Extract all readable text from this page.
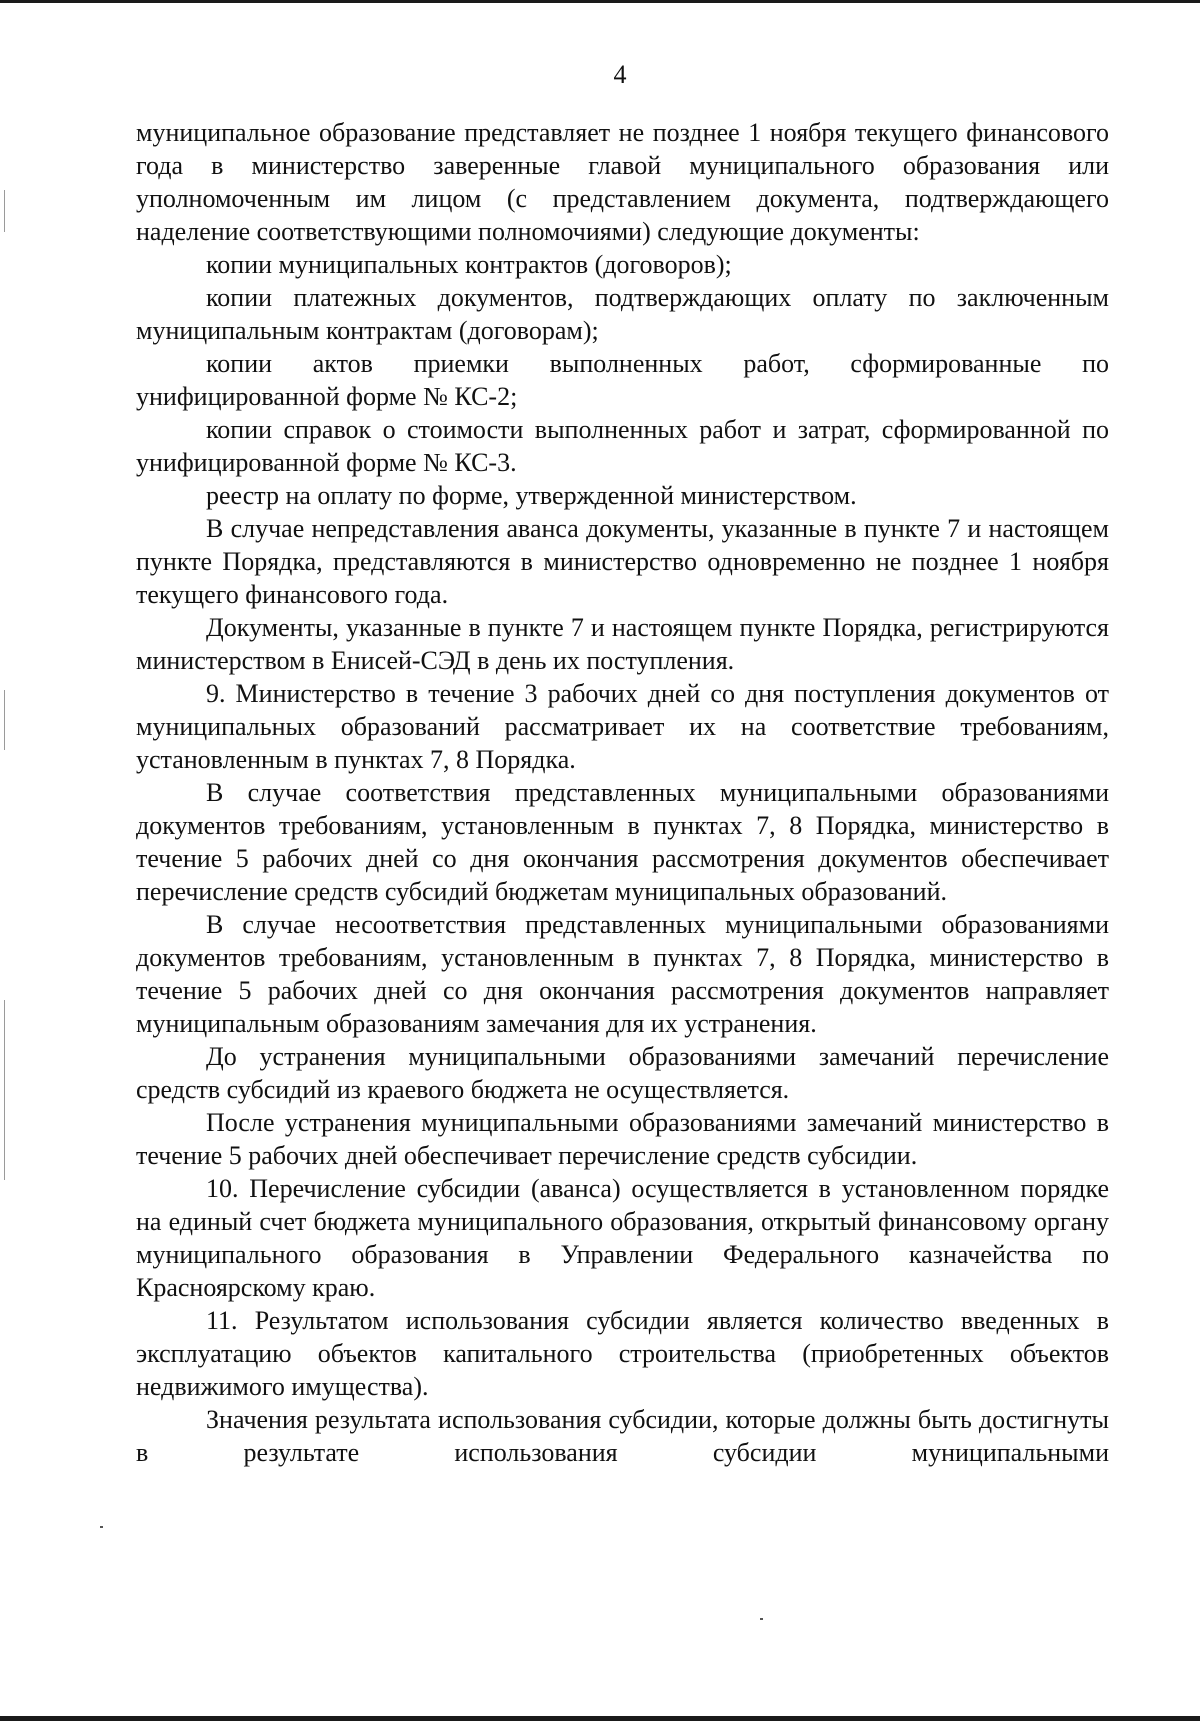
4

муниципальное образование представляет не позднее 1 ноября текущего финансового года в министерство заверенные главой муниципального образования или уполномоченным им лицом (с представлением документа, подтверждающего наделение соответствующими полномочиями) следующие документы:

копии муниципальных контрактов (договоров);

копии платежных документов, подтверждающих оплату по заключенным муниципальным контрактам (договорам);

копии актов приемки выполненных работ, сформированные по унифицированной форме № КС-2;

копии справок о стоимости выполненных работ и затрат, сформированной по унифицированной форме № КС-3.

реестр на оплату по форме, утвержденной министерством.

В случае непредставления аванса документы, указанные в пункте 7 и настоящем пункте Порядка, представляются в министерство одновременно не позднее 1 ноября текущего финансового года.

Документы, указанные в пункте 7 и настоящем пункте Порядка, регистрируются министерством в Енисей-СЭД в день их поступления.

9. Министерство в течение 3 рабочих дней со дня поступления документов от муниципальных образований рассматривает их на соответствие требованиям, установленным в пунктах 7, 8 Порядка.

В случае соответствия представленных муниципальными образованиями документов требованиям, установленным в пунктах 7, 8 Порядка, министерство в течение 5 рабочих дней со дня окончания рассмотрения документов обеспечивает перечисление средств субсидий бюджетам муниципальных образований.

В случае несоответствия представленных муниципальными образованиями документов требованиям, установленным в пунктах 7, 8 Порядка, министерство в течение 5 рабочих дней со дня окончания рассмотрения документов направляет муниципальным образованиям замечания для их устранения.

До устранения муниципальными образованиями замечаний перечисление средств субсидий из краевого бюджета не осуществляется.

После устранения муниципальными образованиями замечаний министерство в течение 5 рабочих дней обеспечивает перечисление средств субсидии.

10. Перечисление субсидии (аванса) осуществляется в установленном порядке на единый счет бюджета муниципального образования, открытый финансовому органу муниципального образования в Управлении Федерального казначейства по Красноярскому краю.

11. Результатом использования субсидии является количество введенных в эксплуатацию объектов капитального строительства (приобретенных объектов недвижимого имущества).

Значения результата использования субсидии, которые должны быть достигнуты в результате использования субсидии муниципальными
